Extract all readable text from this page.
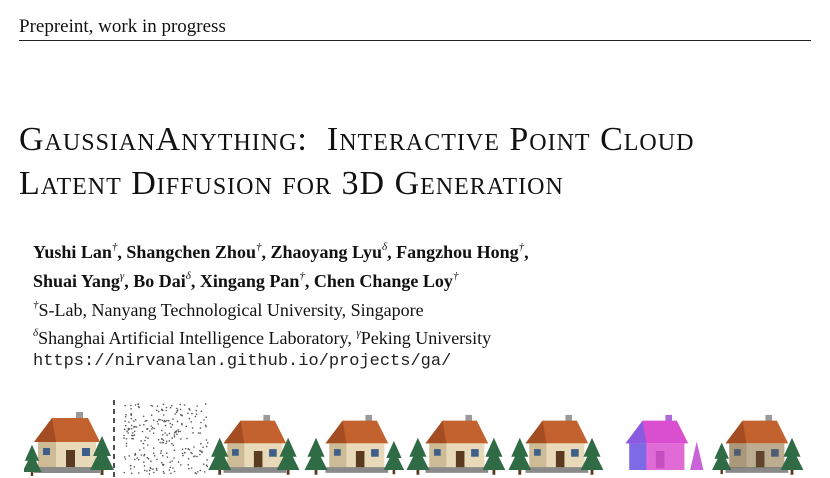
Prepreint, work in progress
GaussianAnything: Interactive Point Cloud
Latent Diffusion for 3D Generation
Yushi Lan†, Shangchen Zhou†, Zhaoyang Lyu$^\delta$, Fangzhou Hong†,
Shuai Yang$^\gamma$, Bo Dai$^\delta$, Xingang Pan†, Chen Change Loy†
†S-Lab, Nanyang Technological University, Singapore
$^\delta$Shanghai Artificial Intelligence Laboratory, $^\gamma$Peking University
https://nirvanalan.github.io/projects/ga/
